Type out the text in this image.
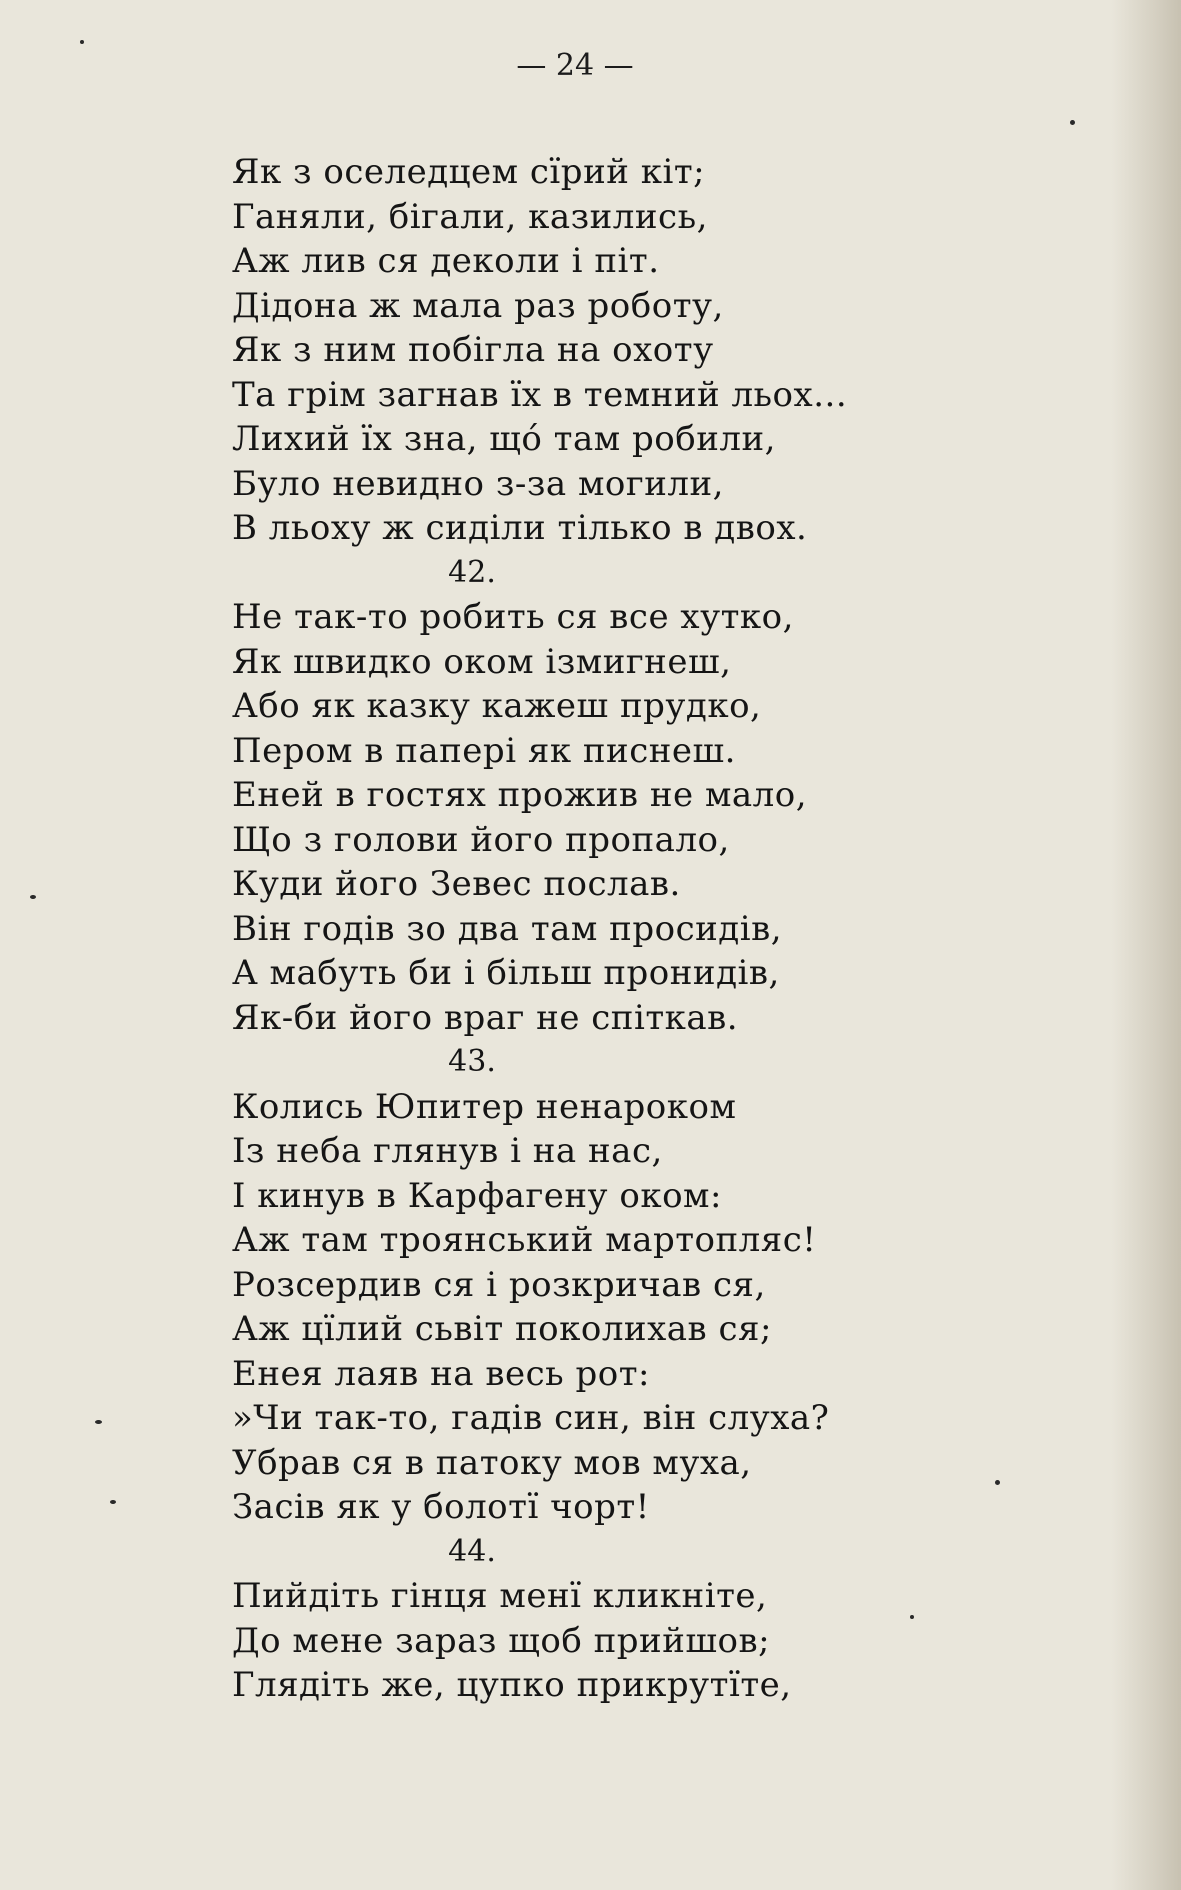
— 24 —
Як з оселедцем сїрий кіт;
Ганяли, бігали, казились,
Аж лив ся деколи і піт.
Дідона ж мала раз роботу,
Як з ним побігла на охоту
Та грім загнав їх в темний льох...
Лихий їх зна, щó там робили,
Було невидно з-за могили,
В льоху ж сиділи тілько в двох.
42.
Не так-то робить ся все хутко,
Як швидко оком ізмигнеш,
Або як казку кажеш прудко,
Пером в папері як писнеш.
Еней в гостях прожив не мало,
Що з голови його пропало,
Куди його Зевес послав.
Він годів зо два там просидів,
А мабуть би і більш пронидів,
Як-би його враг не спіткав.
43.
Колись Юпитер ненароком
Із неба глянув і на нас,
І кинув в Карфагену оком:
Аж там троянський мартопляс!
Розсердив ся і розкричав ся,
Аж цїлий сьвіт поколихав ся;
Енея лаяв на весь рот:
»Чи так-то, гадів син, він слуха?
Убрав ся в патоку мов муха,
Засів як у болотї чорт!
44.
Пийдіть гінця менї кликніте,
До мене зараз щоб прийшов;
Глядіть же, цупко прикрутїте,
